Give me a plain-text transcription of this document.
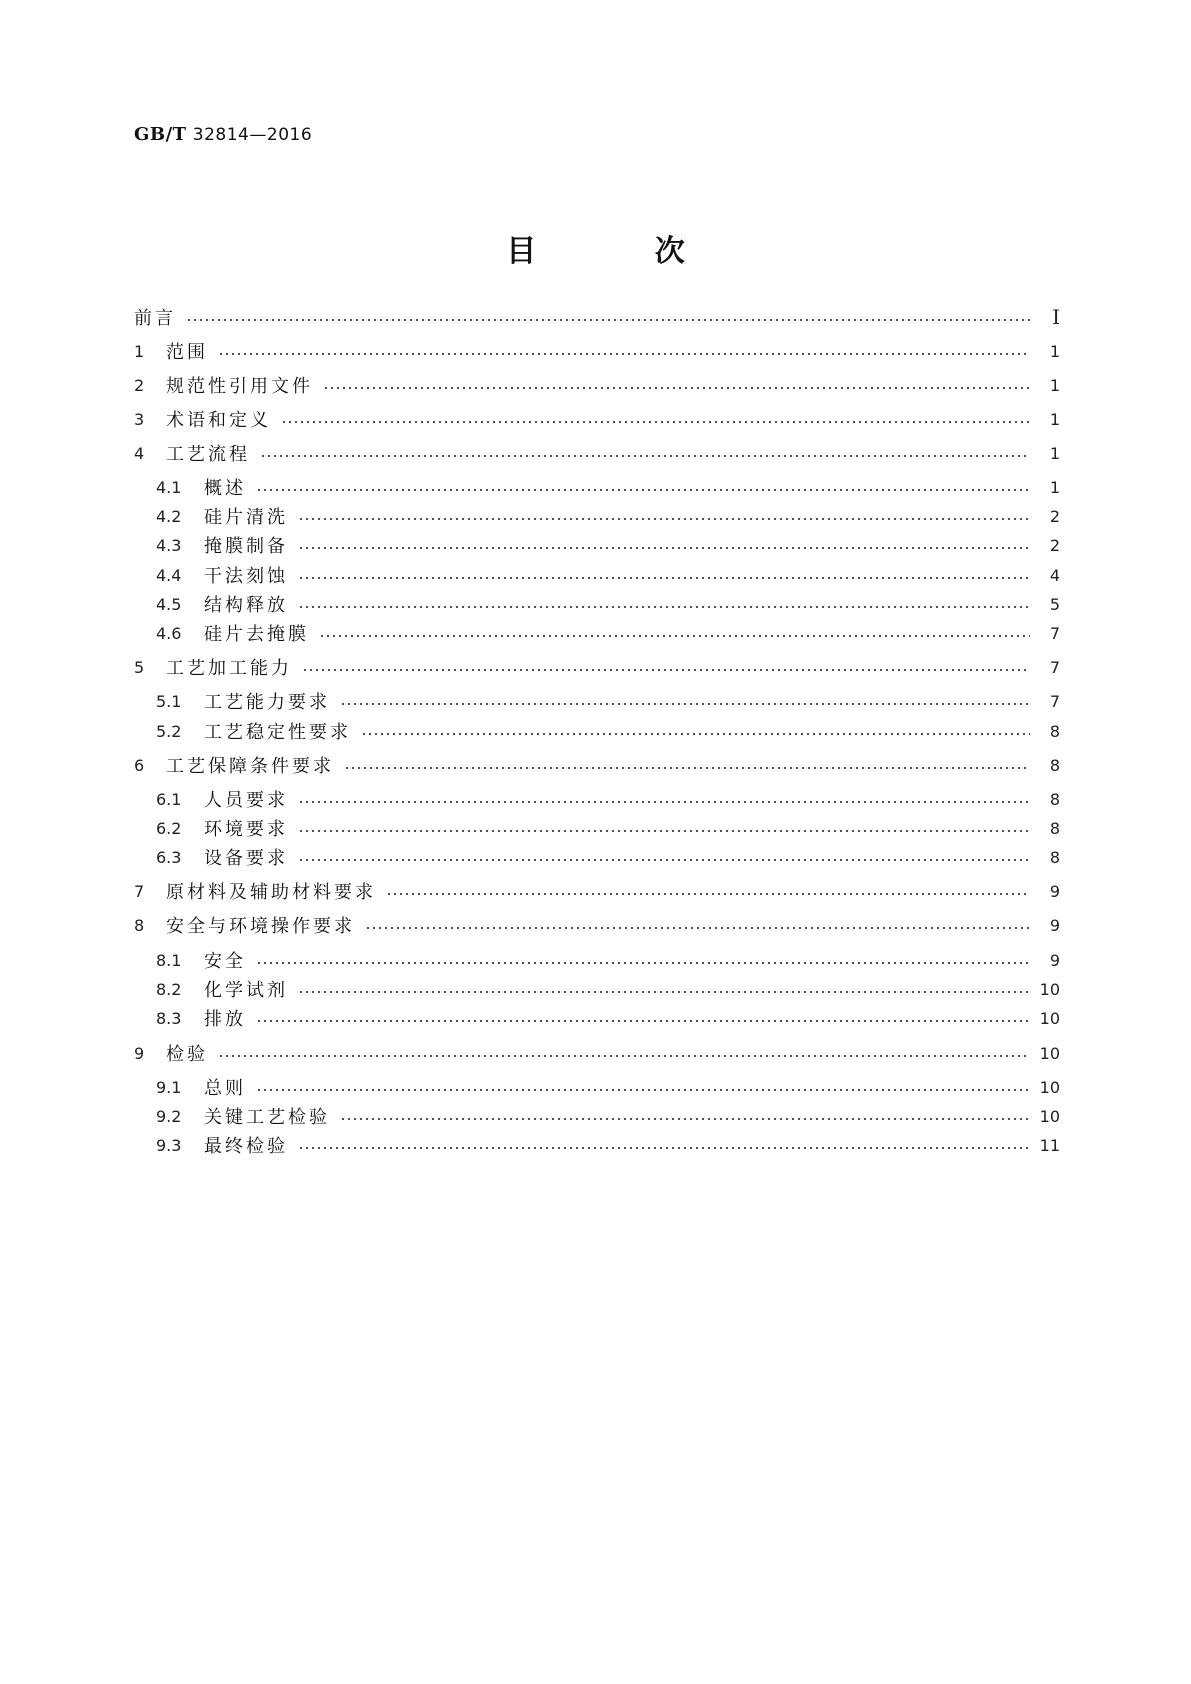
GB/T 32814—2016
目 次
前言	Ⅰ
1	范围	1
2	规范性引用文件	1
3	术语和定义	1
4	工艺流程	1
4.1	概述	1
4.2	硅片清洗	2
4.3	掩膜制备	2
4.4	干法刻蚀	4
4.5	结构释放	5
4.6	硅片去掩膜	7
5	工艺加工能力	7
5.1	工艺能力要求	7
5.2	工艺稳定性要求	8
6	工艺保障条件要求	8
6.1	人员要求	8
6.2	环境要求	8
6.3	设备要求	8
7	原材料及辅助材料要求	9
8	安全与环境操作要求	9
8.1	安全	9
8.2	化学试剂	10
8.3	排放	10
9	检验	10
9.1	总则	10
9.2	关键工艺检验	10
9.3	最终检验	11
